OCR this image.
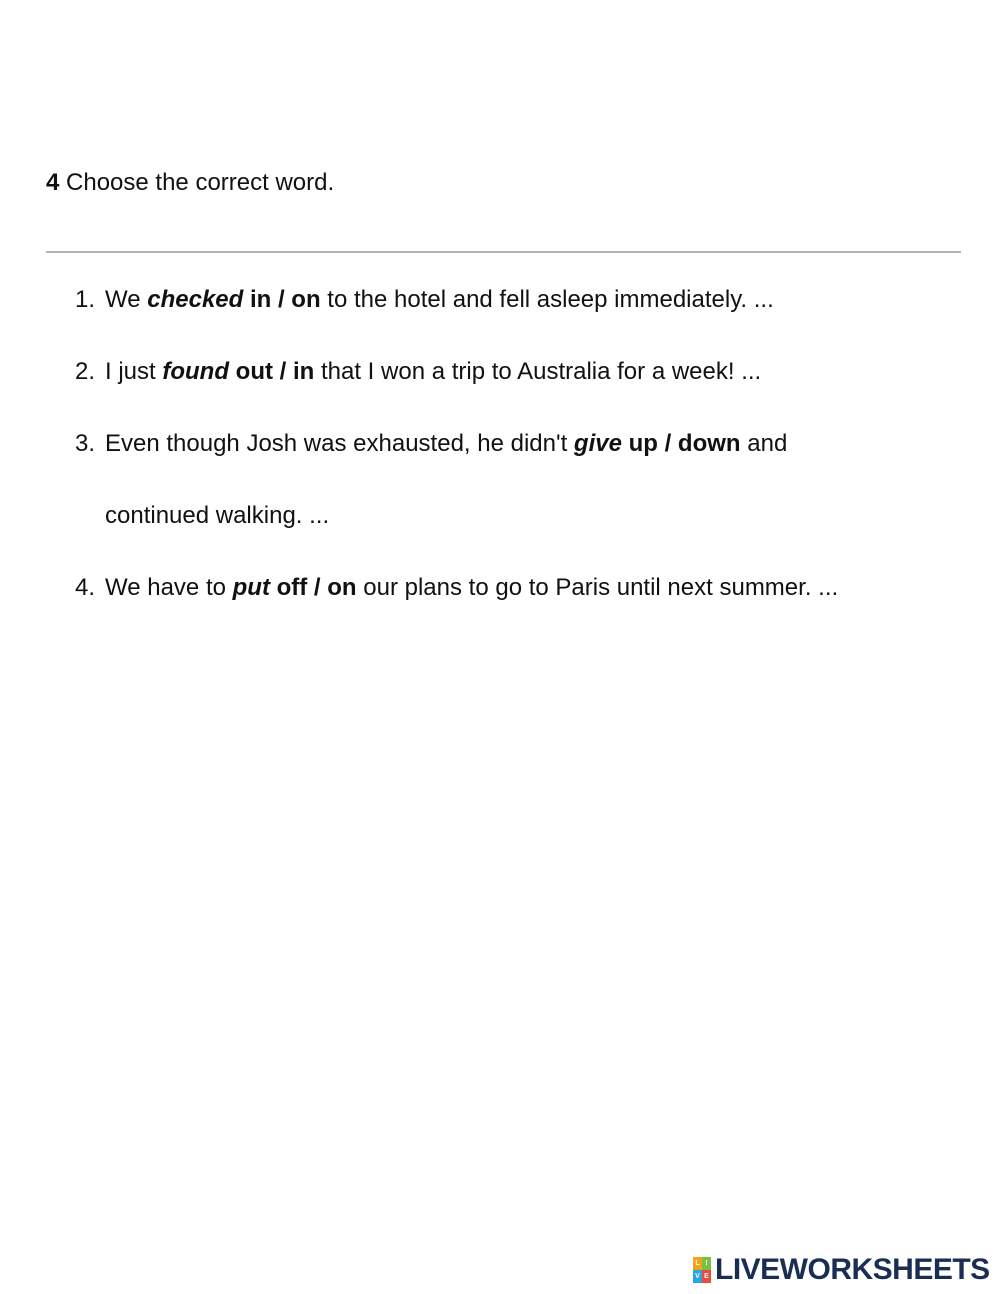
4 Choose the correct word.
1. We checked in / on to the hotel and fell asleep immediately. ...
2. I just found out / in that I won a trip to Australia for a week! ...
3. Even though Josh was exhausted, he didn't give up / down and
continued walking. ...
4. We have to put off / on our plans to go to Paris until next summer. ...
L I
V E LIVEWORKSHEETS
